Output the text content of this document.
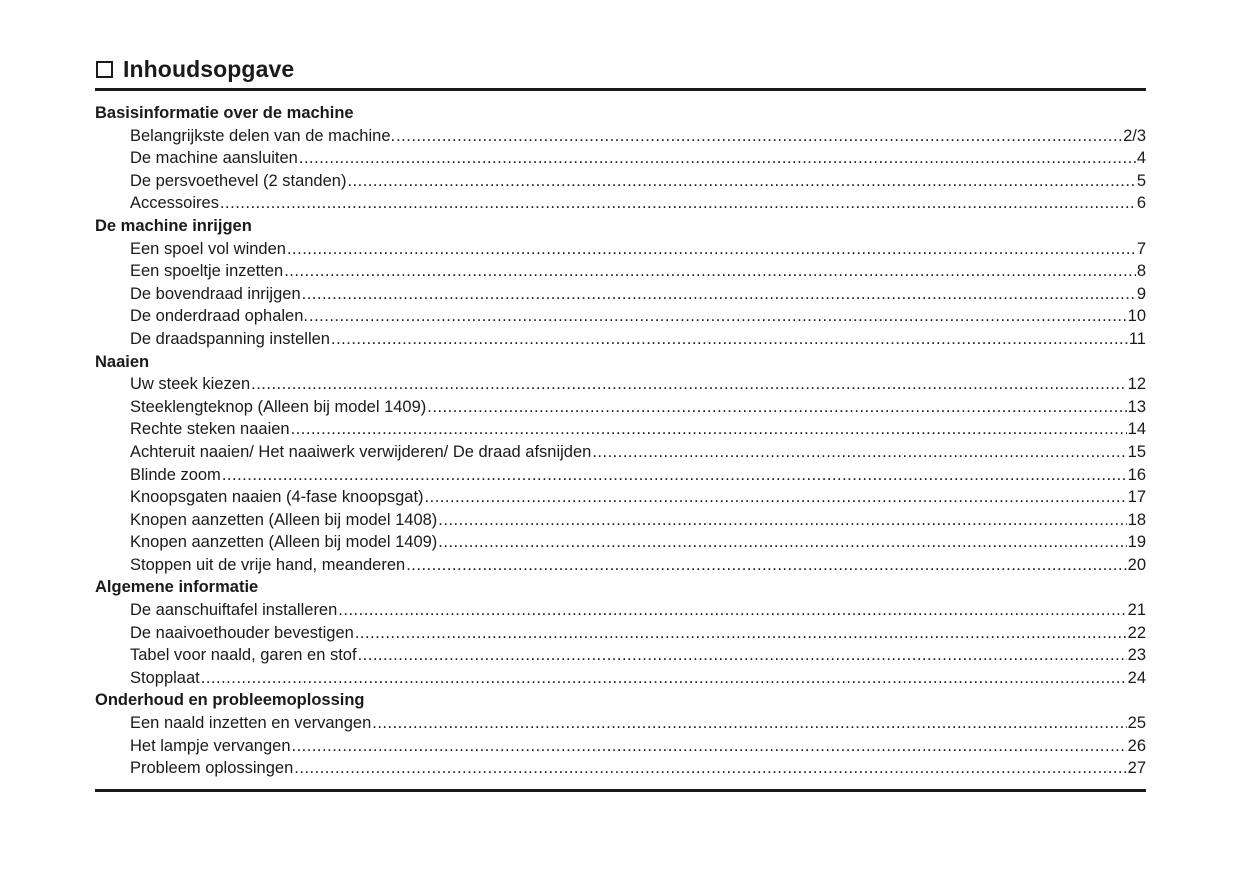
Inhoudsopgave
Basisinformatie over de machine
Belangrijkste delen van de machine. .....	2/3
De machine aansluiten .....	4
De persvoethevel (2 standen) .....	5
Accessoires .....	6
De machine inrijgen
Een spoel vol winden .....	7
Een spoeltje inzetten .....	8
De bovendraad inrijgen .....	9
De onderdraad ophalen. .....	10
De draadspanning instellen .....	11
Naaien
Uw steek kiezen .....	12
Steeklengteknop (Alleen bij model 1409) .....	13
Rechte steken naaien .....	14
Achteruit naaien/ Het naaiwerk verwijderen/ De draad afsnijden .....	15
Blinde zoom .....	16
Knoopsgaten naaien (4-fase knoopsgat) .....	17
Knopen aanzetten (Alleen bij model 1408) .....	18
Knopen aanzetten (Alleen bij model 1409) .....	19
Stoppen uit de vrije hand, meanderen .....	20
Algemene informatie
De aanschuiftafel installeren .....	21
De naaivoethouder bevestigen .....	22
Tabel voor naald, garen en stof .....	23
Stopplaat .....	24
Onderhoud en probleemoplossing
Een naald inzetten en vervangen .....	25
Het lampje vervangen .....	26
Probleem oplossingen .....	27
